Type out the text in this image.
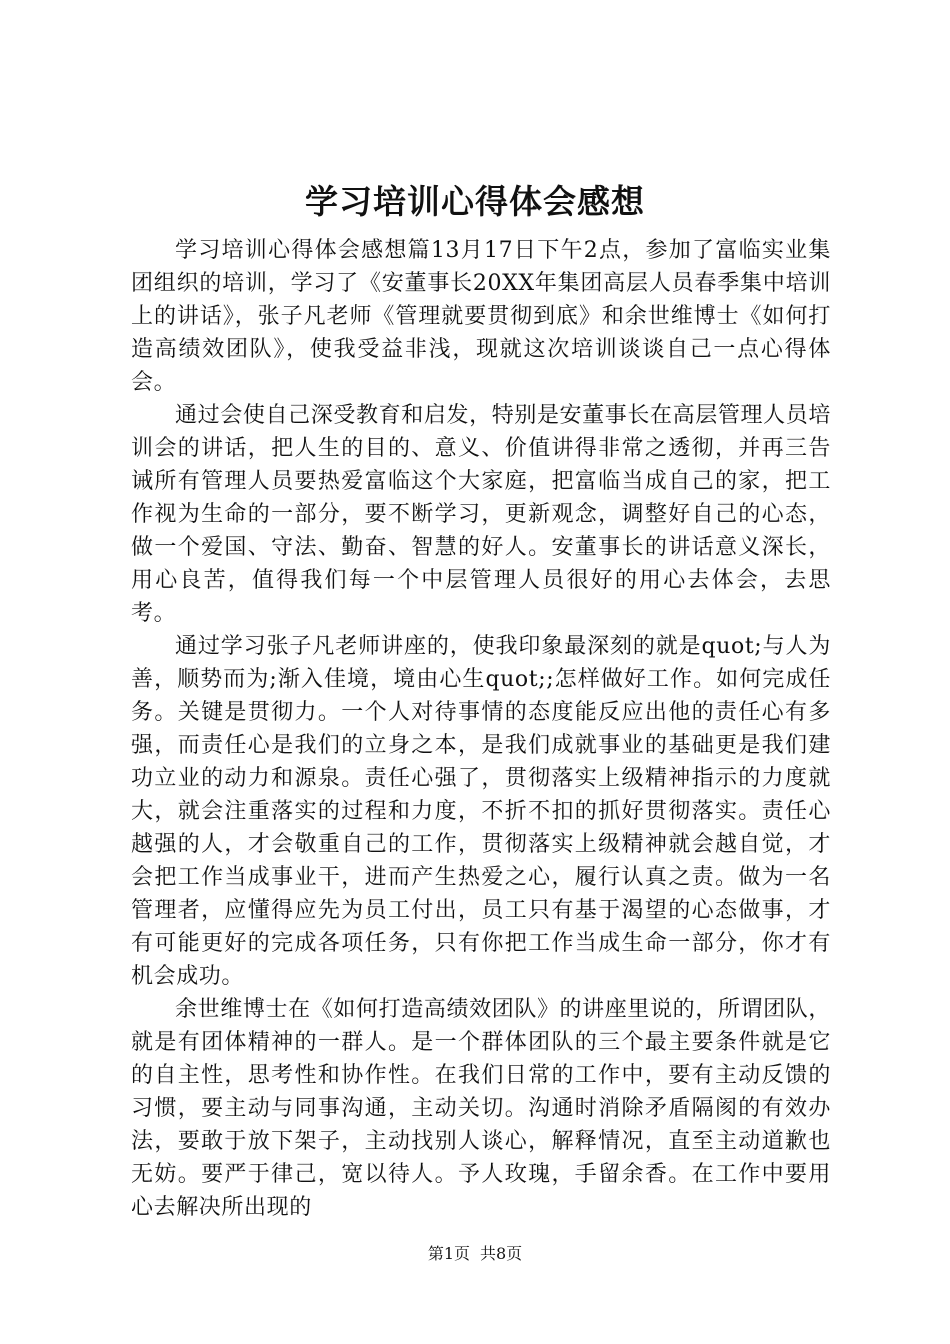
学习培训心得体会感想

学习培训心得体会感想篇13月17日下午2点，参加了富临实业集团组织的培训，学习了《安董事长20XX年集团高层人员春季集中培训上的讲话》，张子凡老师《管理就要贯彻到底》和余世维博士《如何打造高绩效团队》，使我受益非浅，现就这次培训谈谈自己一点心得体会。

通过会使自己深受教育和启发，特别是安董事长在高层管理人员培训会的讲话，把人生的目的、意义、价值讲得非常之透彻，并再三告诫所有管理人员要热爱富临这个大家庭，把富临当成自己的家，把工作视为生命的一部分，要不断学习，更新观念，调整好自己的心态，做一个爱国、守法、勤奋、智慧的好人。安董事长的讲话意义深长，用心良苦，值得我们每一个中层管理人员很好的用心去体会，去思考。

通过学习张子凡老师讲座的，使我印象最深刻的就是quot;与人为善，顺势而为;渐入佳境，境由心生quot;;怎样做好工作。如何完成任务。关键是贯彻力。一个人对待事情的态度能反应出他的责任心有多强，而责任心是我们的立身之本，是我们成就事业的基础更是我们建功立业的动力和源泉。责任心强了，贯彻落实上级精神指示的力度就大，就会注重落实的过程和力度，不折不扣的抓好贯彻落实。责任心越强的人，才会敬重自己的工作，贯彻落实上级精神就会越自觉，才会把工作当成事业干，进而产生热爱之心，履行认真之责。做为一名管理者，应懂得应先为员工付出，员工只有基于渴望的心态做事，才有可能更好的完成各项任务，只有你把工作当成生命一部分，你才有机会成功。

余世维博士在《如何打造高绩效团队》的讲座里说的，所谓团队，就是有团体精神的一群人。是一个群体团队的三个最主要条件就是它的自主性，思考性和协作性。在我们日常的工作中，要有主动反馈的习惯，要主动与同事沟通，主动关切。沟通时消除矛盾隔阂的有效办法，要敢于放下架子，主动找别人谈心，解释情况，直至主动道歉也无妨。要严于律己，宽以待人。予人玫瑰，手留余香。在工作中要用心去解决所出现的

第1页 共8页
